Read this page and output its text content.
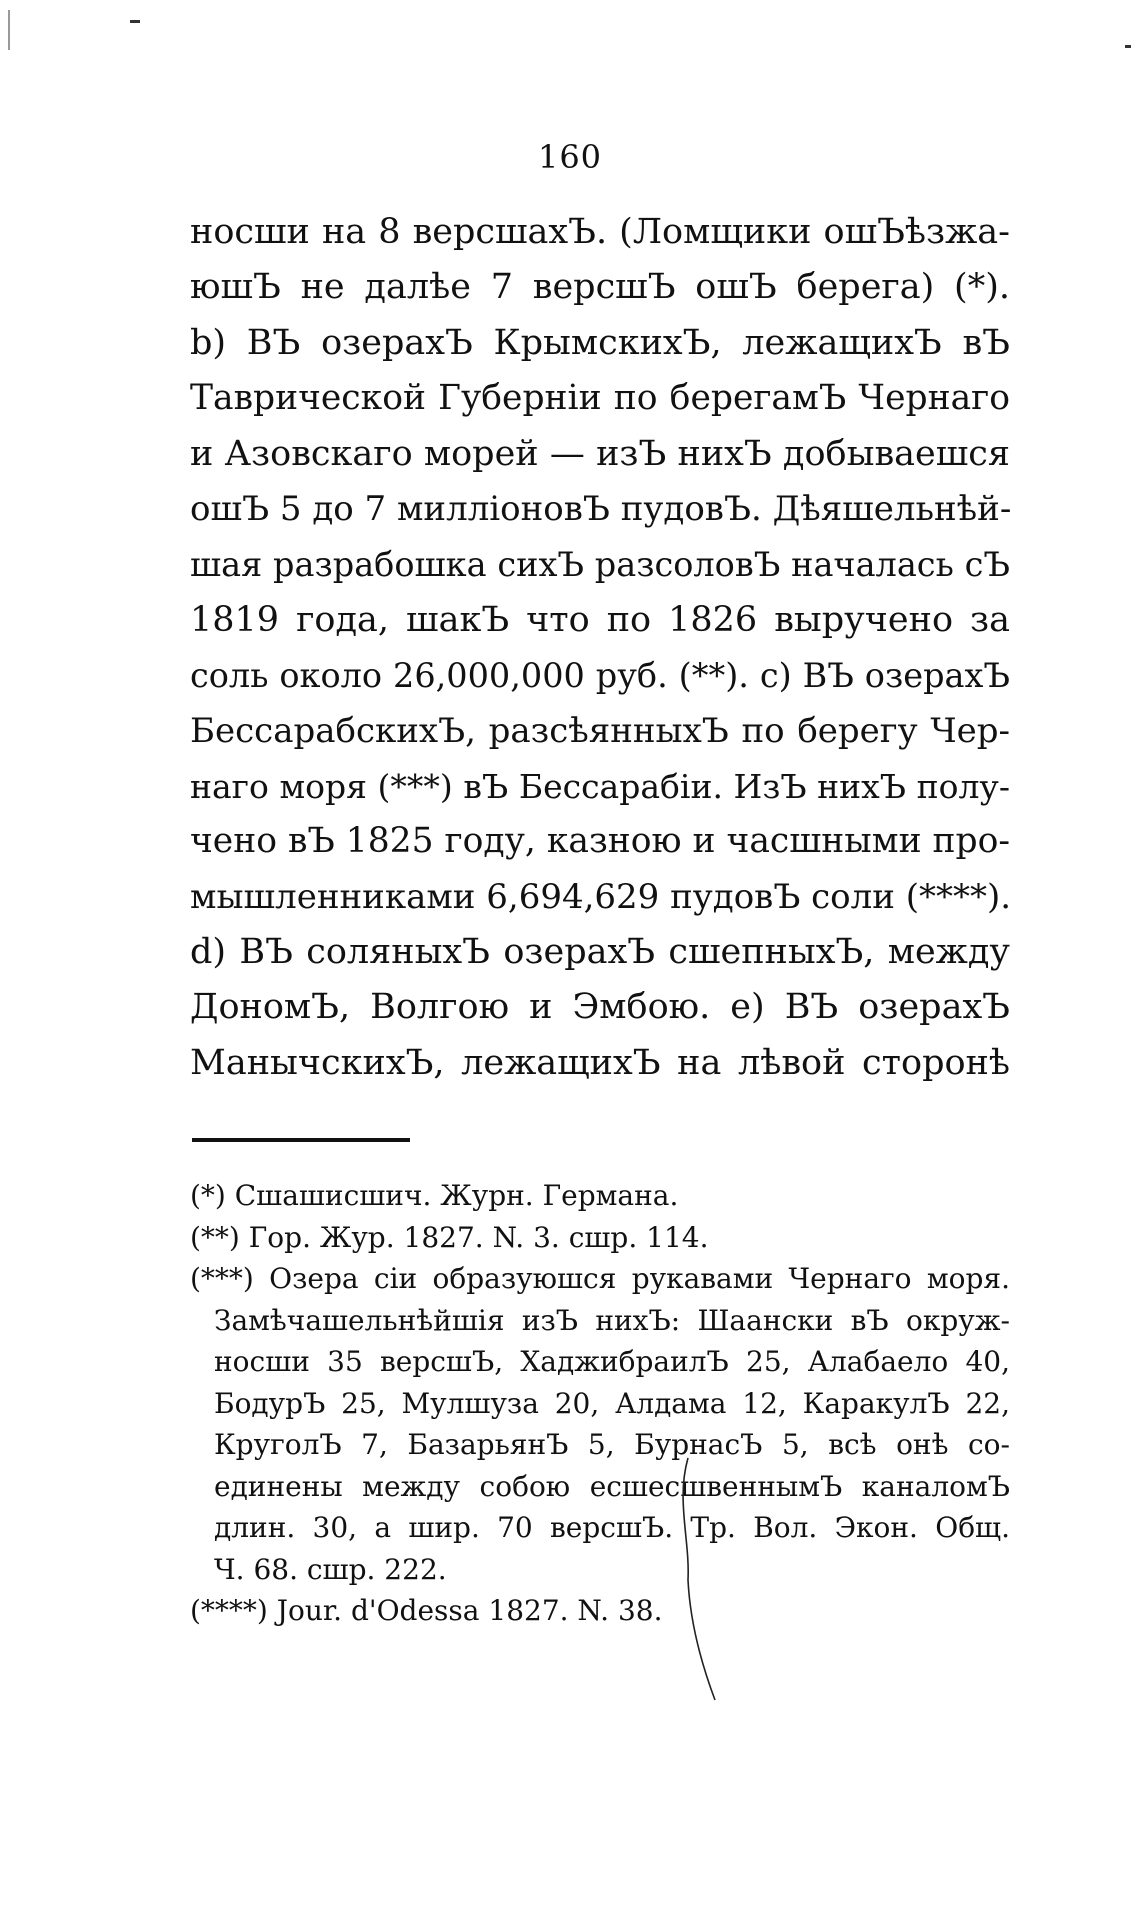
160
носши на 8 версшахЪ. (Ломщики ошЪѣзжа-
юшЪ не далѣе 7 версшЪ ошЪ берега) (*).
b) ВЪ озерахЪ КрымскихЪ, лежащихЪ вЪ
Таврической Губерніи по берегамЪ Чернаго
и Азовскаго морей — изЪ нихЪ добываешся
ошЪ 5 до 7 милліоновЪ пудовЪ. Дѣяшельнѣй-
шая разрабошка сихЪ разсоловЪ началась сЪ
1819 года, шакЪ что по 1826 выручено за
соль около 26,000,000 руб. (**). c) ВЪ озерахЪ
БессарабскихЪ, разсѣянныхЪ по берегу Чер-
наго моря (***) вЪ Бессарабіи. ИзЪ нихЪ полу-
чено вЪ 1825 году, казною и часшными про-
мышленниками 6,694,629 пудовЪ соли (****).
d) ВЪ соляныхЪ озерахЪ сшепныхЪ, между
ДономЪ, Волгою и Эмбою. e) ВЪ озерахЪ
МанычскихЪ, лежащихЪ на лѣвой сторонѣ
(*) Сшашисшич. Журн. Германа.
(**) Гор. Жур. 1827. N. 3. сшр. 114.
(***) Озера сіи образуюшся рукавами Чернаго моря.
Замѣчашельнѣйшія изЪ нихЪ: Шаански вЪ окруж-
носши 35 версшЪ, ХаджибраилЪ 25, Алабаело 40,
БодурЪ 25, Мулшуза 20, Алдама 12, КаракулЪ 22,
КруголЪ 7, БазарьянЪ 5, БурнасЪ 5, всѣ онѣ со-
единены между собою есшесшвеннымЪ каналомЪ
длин. 30, а шир. 70 версшЪ. Тр. Вол. Экон. Общ.
Ч. 68. сшр. 222.
(****) Jour. d'Odessa 1827. N. 38.
